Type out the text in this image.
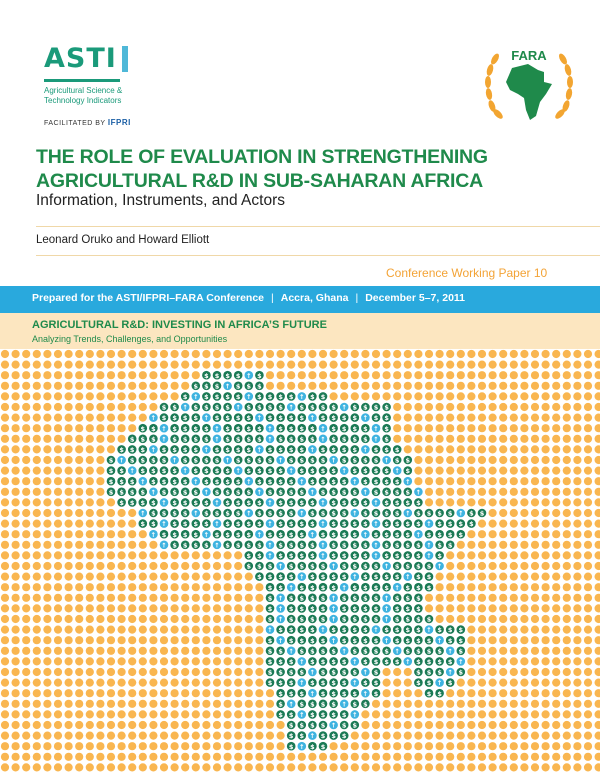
ASTI
Agricultural Science &
Technology Indicators
FACILITATED BY IFPRI
FARA
THE ROLE OF EVALUATION IN STRENGTHENING
AGRICULTURAL R&D IN SUB-SAHARAN AFRICA
Information, Instruments, and Actors
Leonard Oruko and Howard Elliott
Conference Working Paper 10
Prepared for the ASTI/IFPRI–FARA Conference | Accra, Ghana | December 5–7, 2011
AGRICULTURAL R&D: INVESTING IN AFRICA’S FUTURE
Analyzing Trends, Challenges, and Opportunities
$ $ $ $ ↑ $
$ $ $ ↑ $ $ $
$ ↑ $ $ $ $ ↑ $ $ $ $ ↑ $ $
$ $ ↑ $ $ $ $ ↑ $ $ $ $ ↑ $ $ $ $ ↑ $ $ $ $
↑ $ $ $ $ ↑ $ $ $ $ ↑ $ $ $ $ ↑ $ $ $ $ ↑ $ $
$ $ ↑ $ $ $ $ ↑ $ $ $ $ ↑ $ $ $ $ ↑ $ $ $ $ ↑ $
$ $ $ ↑ $ $ $ $ ↑ $ $ $ $ ↑ $ $ $ $ ↑ $ $ $ $ ↑ $
$ $ $ ↑ $ $ $ $ ↑ $ $ $ $ ↑ $ $ $ $ ↑ $ $ $ $ ↑ $ $ $
$ ↑ $ $ $ $ ↑ $ $ $ $ ↑ $ $ $ $ ↑ $ $ $ $ ↑ $ $ $ $ ↑ $ $
$ $ ↑ $ $ $ $ ↑ $ $ $ $ ↑ $ $ $ $ ↑ $ $ $ $ ↑ $ $ $ $ ↑ $
$ $ $ ↑ $ $ $ $ ↑ $ $ $ $ ↑ $ $ $ $ ↑ $ $ $ $ ↑ $ $ $ $ ↑
$ $ $ $ ↑ $ $ $ $ ↑ $ $ $ $ ↑ $ $ $ $ ↑ $ $ $ $ ↑ $ $ $ $ ↑
$ $ $ $ ↑ $ $ $ $ ↑ $ $ $ $ ↑ $ $ $ $ ↑ $ $ $ $ ↑ $ $ $ $
↑ $ $ $ $ ↑ $ $ $ $ ↑ $ $ $ $ ↑ $ $ $ $ ↑ $ $ $ $ ↑ $ $ $ $ ↑ $ $
$ $ ↑ $ $ $ $ ↑ $ $ $ $ ↑ $ $ $ $ ↑ $ $ $ $ ↑ $ $ $ $ ↑ $ $ $ $
↑ $ $ $ $ ↑ $ $ $ $ ↑ $ $ $ $ ↑ $ $ $ $ ↑ $ $ $ $ ↑ $ $ $ $
↑ $ $ $ $ ↑ $ $ $ $ ↑ $ $ $ $ ↑ $ $ $ $ ↑ $ $ $ $ ↑ $ $
$ $ ↑ $ $ $ $ ↑ $ $ $ $ ↑ $ $ $ $ ↑ $
$ $ $ ↑ $ $ $ $ ↑ $ $ $ $ ↑ $ $ $ $ ↑
$ $ $ $ ↑ $ $ $ $ ↑ $ $ $ $ ↑ $ $
$ $ ↑ $ $ $ $ ↑ $ $ $ $ ↑ $ $ $
$ ↑ $ $ $ $ ↑ $ $ $ $ ↑ $ $ $
$ ↑ $ $ $ $ ↑ $ $ $ $ ↑ $ $ $
$ ↑ $ $ $ $ ↑ $ $ $ $ ↑ $ $ $ $
↑ $ $ $ $ ↑ $ $ $ $ ↑ $ $ $ $ ↑ $ $ $
$ ↑ $ $ $ $ ↑ $ $ $ $ ↑ $ $ $ $ ↑ $ $
$ $ ↑ $ $ $ $ ↑ $ $ $ $ ↑ $ $ $ $ ↑ $
$ $ $ ↑ $ $ $ $ ↑ $ $ $ $ ↑ $ $ $ $ ↑
$ $ $ $ ↑ $ $ $ $ ↑ $	$ $ $ ↑ $
$ $ $ ↑ $ $ $ $ ↑ $ $	$ $ ↑ $
$ $ $ ↑ $ $ $ $ ↑ $	$ $
$ ↑ $ $ $ $ ↑ $ $
$ $ ↑ $ $ $ $ ↑
$ $ $ $ ↑ $ $
$ $ ↑ $ $ $
$ ↑ $ $
